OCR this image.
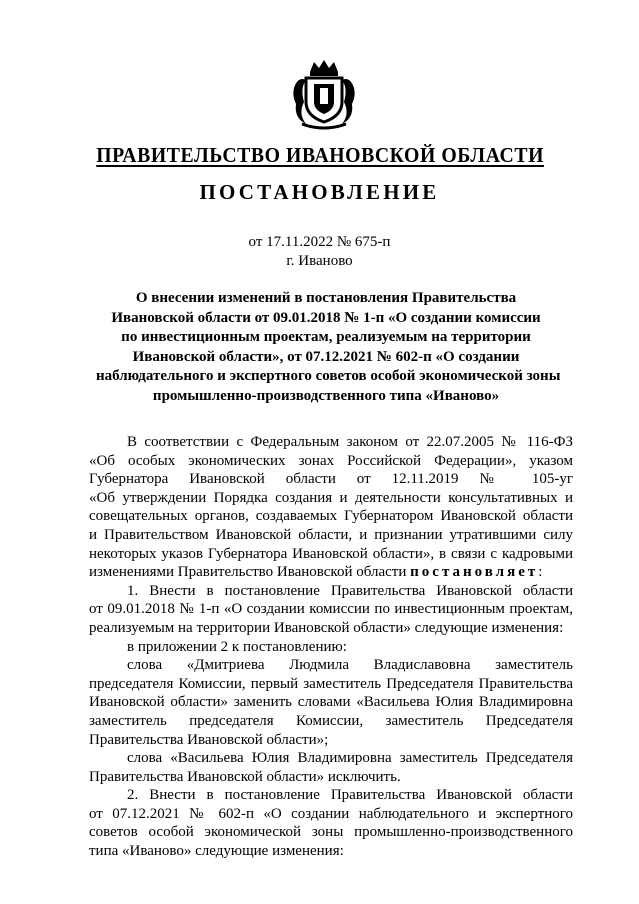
ПРАВИТЕЛЬСТВО ИВАНОВСКОЙ ОБЛАСТИ
ПОСТАНОВЛЕНИЕ
от 17.11.2022 № 675-п
г. Иваново
О внесении изменений в постановления Правительства
Ивановской области от 09.01.2018 № 1-п «О создании комиссии
по инвестиционным проектам, реализуемым на территории
Ивановской области», от 07.12.2021 № 602-п «О создании
наблюдательного и экспертного советов особой экономической зоны
промышленно-производственного типа «Иваново»
В соответствии с Федеральным законом от 22.07.2005 № 116-ФЗ
«Об особых экономических зонах Российской Федерации», указом
Губернатора Ивановской области от 12.11.2019 № 105-уг
«Об утверждении Порядка создания и деятельности консультативных и
совещательных органов, создаваемых Губернатором Ивановской области
и Правительством Ивановской области, и признании утратившими силу
некоторых указов Губернатора Ивановской области», в связи с кадровыми
изменениями Правительство Ивановской области постановляет:
1. Внести в постановление Правительства Ивановской области
от 09.01.2018 № 1-п «О создании комиссии по инвестиционным проектам,
реализуемым на территории Ивановской области» следующие изменения:
в приложении 2 к постановлению:
слова «Дмитриева Людмила Владиславовна заместитель
председателя Комиссии, первый заместитель Председателя Правительства
Ивановской области» заменить словами «Васильева Юлия Владимировна
заместитель председателя Комиссии, заместитель Председателя
Правительства Ивановской области»;
слова «Васильева Юлия Владимировна заместитель Председателя
Правительства Ивановской области» исключить.
2. Внести в постановление Правительства Ивановской области
от 07.12.2021 № 602-п «О создании наблюдательного и экспертного
советов особой экономической зоны промышленно-производственного
типа «Иваново» следующие изменения:
